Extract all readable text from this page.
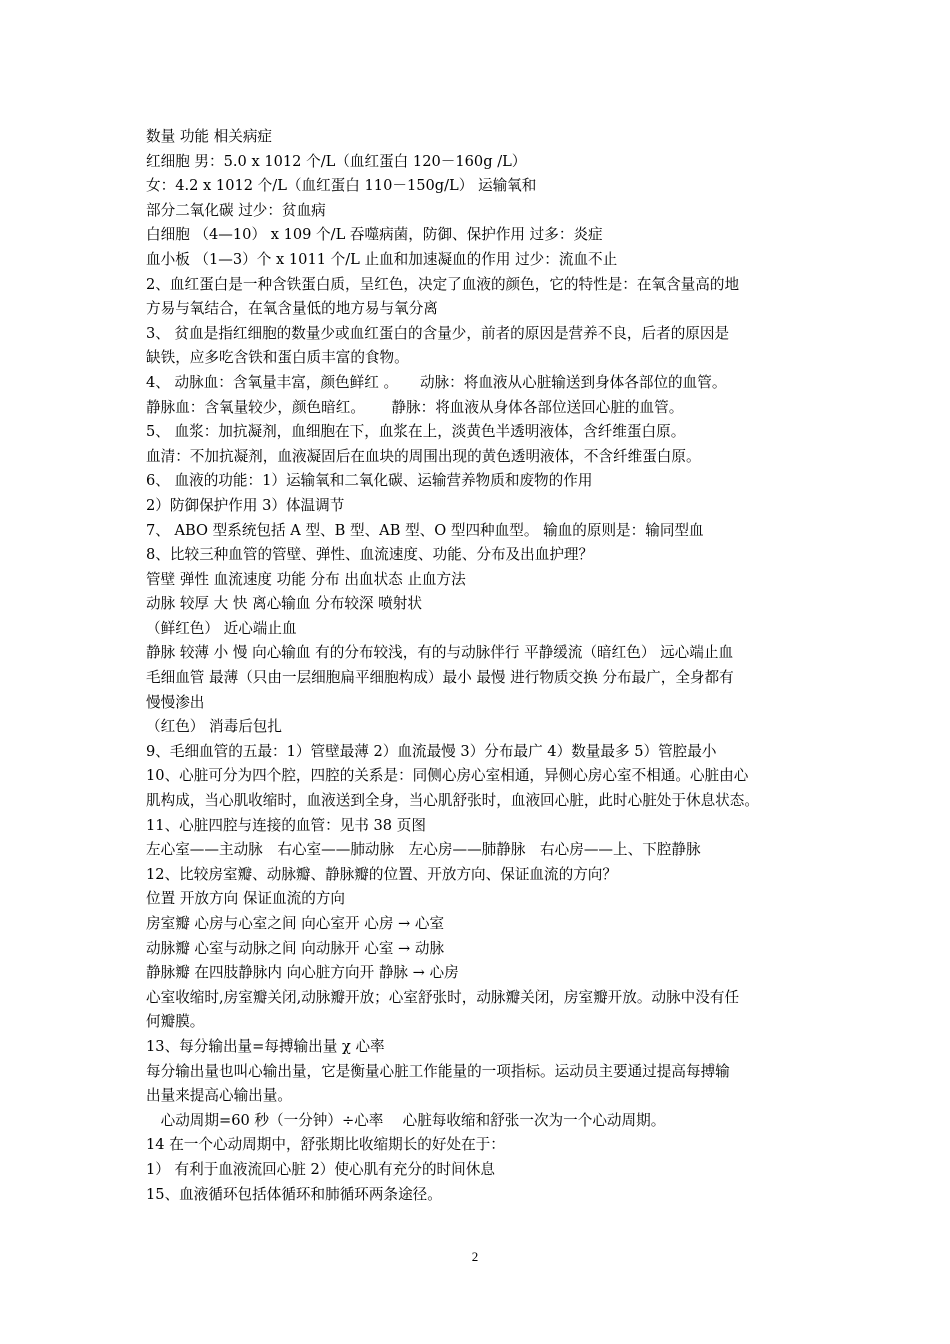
数量 功能 相关病症
红细胞 男：5.0 x 1012 个/L（血红蛋白 120－160g /L）
女：4.2 x 1012 个/L（血红蛋白 110－150g/L） 运输氧和
部分二氧化碳 过少：贫血病
白细胞 （4—10） x 109 个/L 吞噬病菌，防御、保护作用 过多：炎症
血小板 （1—3）个 x 1011 个/L 止血和加速凝血的作用 过少：流血不止
2、血红蛋白是一种含铁蛋白质，呈红色，决定了血液的颜色，它的特性是：在氧含量高的地
方易与氧结合，在氧含量低的地方易与氧分离
3、 贫血是指红细胞的数量少或血红蛋白的含量少，前者的原因是营养不良，后者的原因是
缺铁，应多吃含铁和蛋白质丰富的食物。
4、 动脉血：含氧量丰富，颜色鲜红 。　　动脉：将血液从心脏输送到身体各部位的血管。
静脉血：含氧量较少，颜色暗红。　　 静脉：将血液从身体各部位送回心脏的血管。
5、 血浆：加抗凝剂，血细胞在下，血浆在上，淡黄色半透明液体，含纤维蛋白原。
血清：不加抗凝剂，血液凝固后在血块的周围出现的黄色透明液体，不含纤维蛋白原。
6、 血液的功能：1）运输氧和二氧化碳、运输营养物质和废物的作用
2）防御保护作用 3）体温调节
7、 ABO 型系统包括 A 型、B 型、AB 型、O 型四种血型。 输血的原则是：输同型血
8、比较三种血管的管壁、弹性、血流速度、功能、分布及出血护理？
管壁 弹性 血流速度 功能 分布 出血状态 止血方法
动脉 较厚 大 快 离心输血 分布较深 喷射状
（鲜红色） 近心端止血
静脉 较薄 小 慢 向心输血 有的分布较浅，有的与动脉伴行 平静缓流（暗红色） 远心端止血
毛细血管 最薄（只由一层细胞扁平细胞构成）最小 最慢 进行物质交换 分布最广，全身都有
慢慢渗出
（红色） 消毒后包扎
9、毛细血管的五最：1）管壁最薄 2）血流最慢 3）分布最广 4）数量最多 5）管腔最小
10、心脏可分为四个腔，四腔的关系是：同侧心房心室相通，异侧心房心室不相通。心脏由心
肌构成，当心肌收缩时，血液送到全身，当心肌舒张时，血液回心脏，此时心脏处于休息状态。
11、心脏四腔与连接的血管：见书 38 页图
左心室——主动脉　右心室——肺动脉　左心房——肺静脉　右心房——上、下腔静脉
12、比较房室瓣、动脉瓣、静脉瓣的位置、开放方向、保证血流的方向？
位置 开放方向 保证血流的方向
房室瓣 心房与心室之间 向心室开 心房 → 心室
动脉瓣 心室与动脉之间 向动脉开 心室 → 动脉
静脉瓣 在四肢静脉内 向心脏方向开 静脉 → 心房
心室收缩时,房室瓣关闭,动脉瓣开放；心室舒张时，动脉瓣关闭，房室瓣开放。动脉中没有任
何瓣膜。
13、每分输出量=每搏输出量 χ 心率
每分输出量也叫心输出量，它是衡量心脏工作能量的一项指标。运动员主要通过提高每搏输
出量来提高心输出量。
　心动周期=60 秒（一分钟）÷心率　 心脏每收缩和舒张一次为一个心动周期。
14 在一个心动周期中，舒张期比收缩期长的好处在于：
1） 有利于血液流回心脏 2）使心肌有充分的时间休息
15、血液循环包括体循环和肺循环两条途径。
2
